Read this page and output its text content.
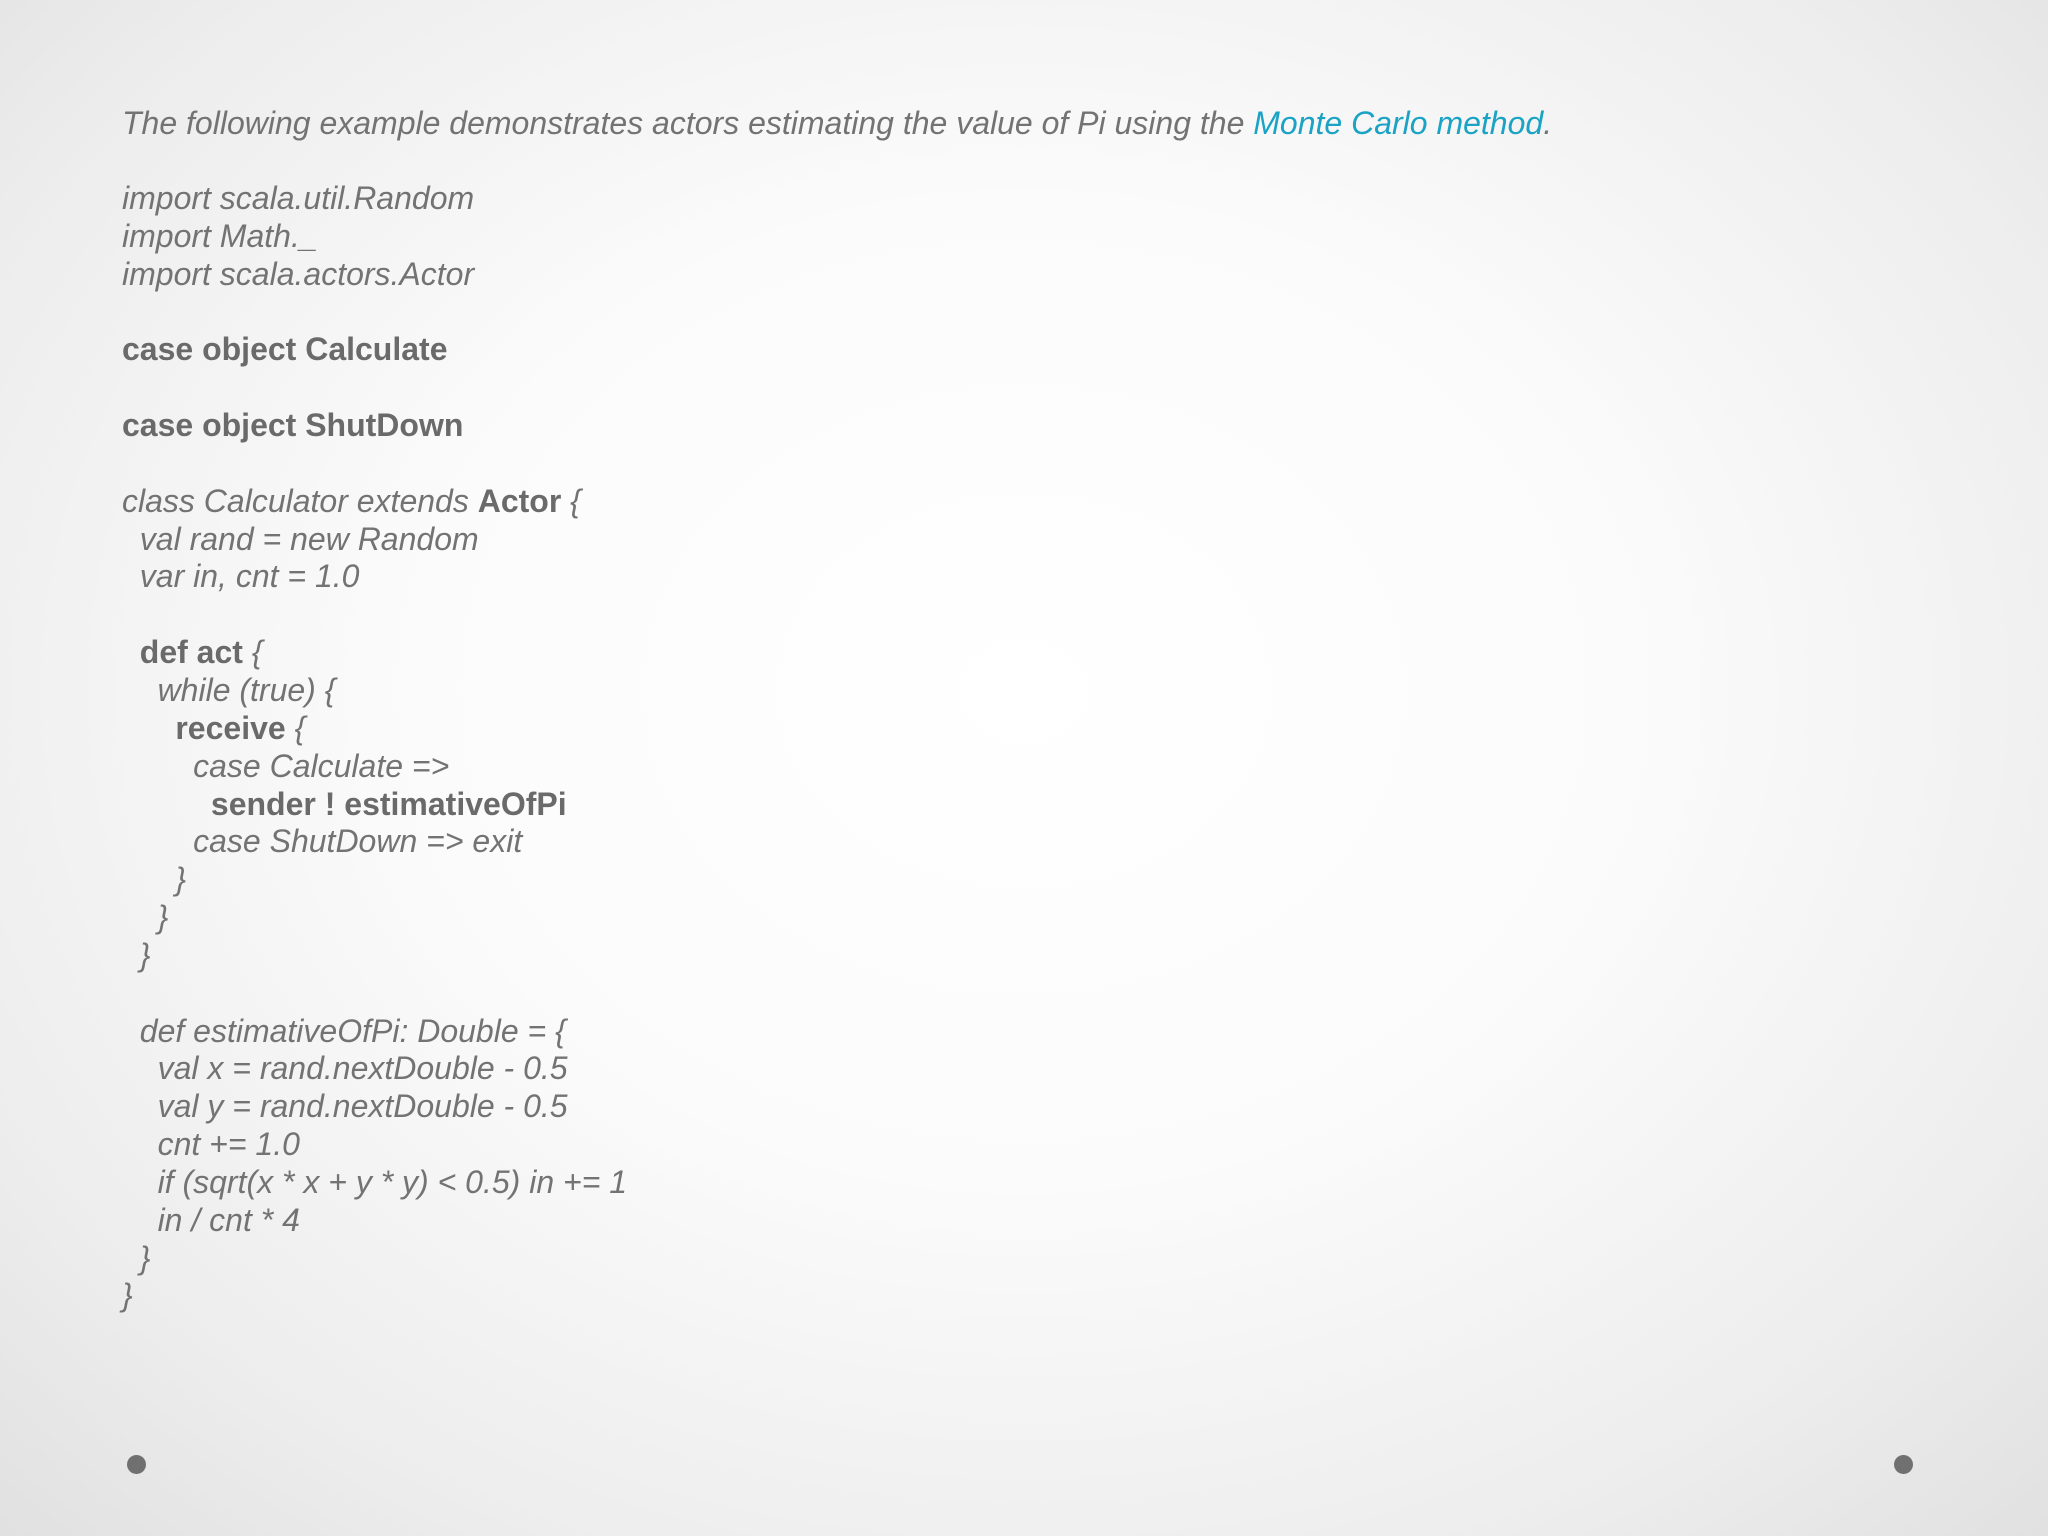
The following example demonstrates actors estimating the value of Pi using the Monte Carlo method.
import scala.util.Random
import Math._
import scala.actors.Actor

case object Calculate

case object ShutDown

class Calculator extends Actor {
val rand = new Random
var in, cnt = 1.0

def act {
while (true) {
receive {
case Calculate =>
sender ! estimativeOfPi
case ShutDown => exit
}
}
}

def estimativeOfPi: Double = {
val x = rand.nextDouble - 0.5
val y = rand.nextDouble - 0.5
cnt += 1.0
if (sqrt(x * x + y * y) < 0.5) in += 1
in / cnt * 4
}
}
